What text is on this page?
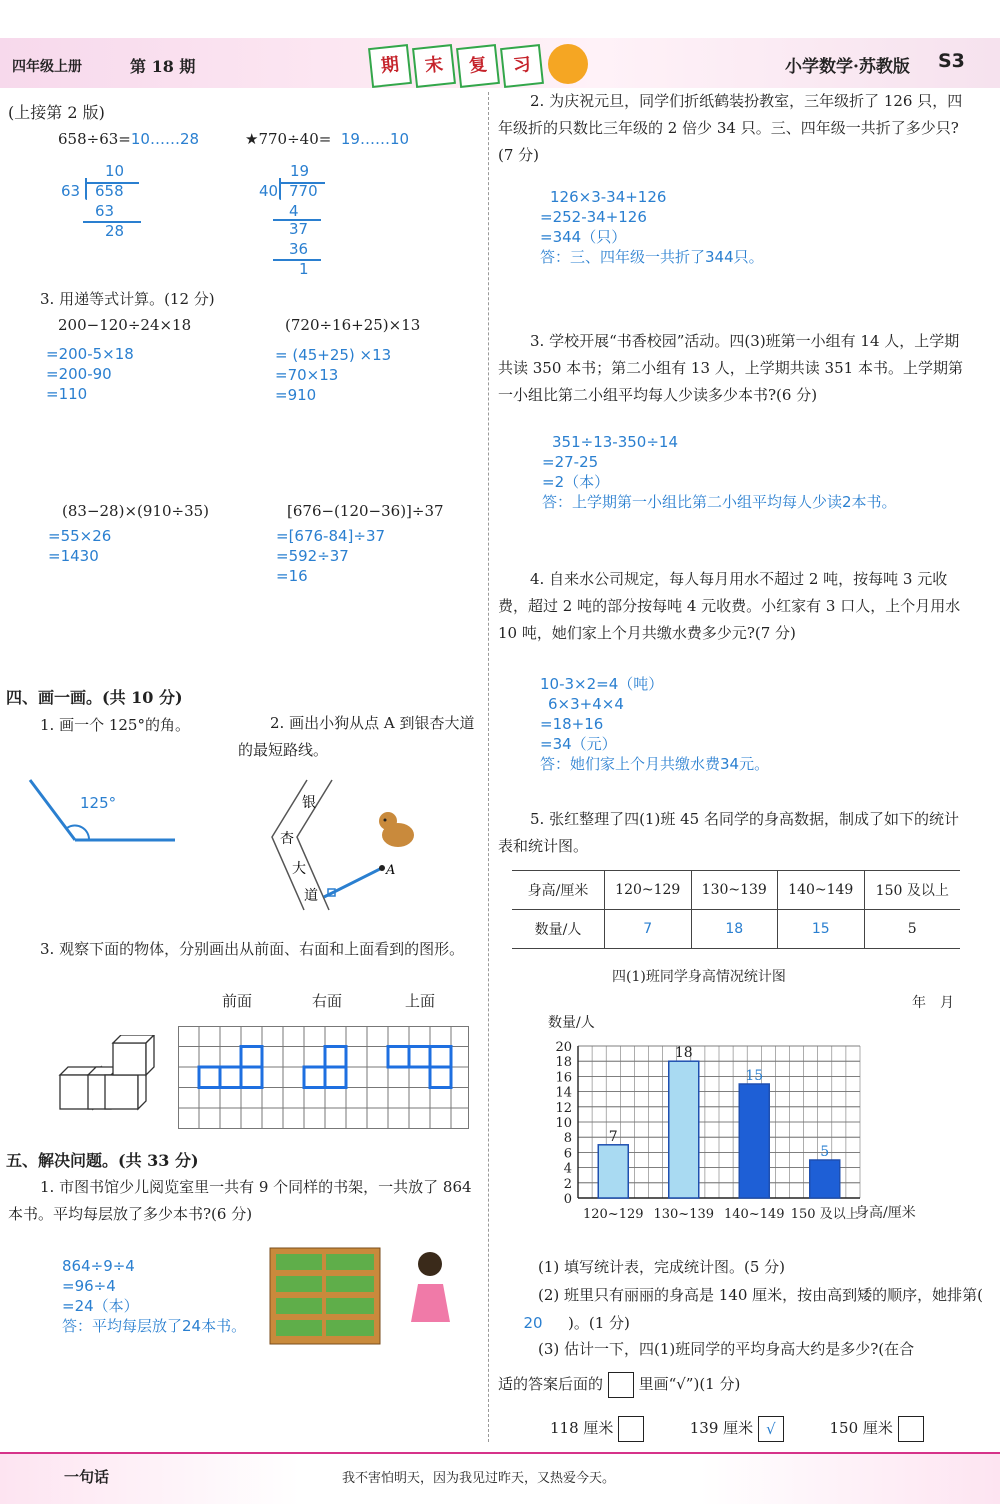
四年级上册	第 18 期	期	末	复	习	小学数学·苏教版 S3
(上接第 2 版)
658÷63=10……28
10
63 658
63
28
★770÷40= 19……10
19
40 770
4
37
36
1
3. 用递等式计算。(12 分)
200−120÷24×18
=200-5×18
=200-90
=110
(720÷16+25)×13
= (45+25) ×13
=70×13
=910
(83−28)×(910÷35)
=55×26
=1430
[676−(120−36)]÷37
=[676-84]÷37
=592÷37
=16
四、画一画。(共 10 分)
1. 画一个 125°的角。	2. 画出小狗从点 A 到银杏大道的最短路线。
125°	银
杏
大
道
A
3. 观察下面的物体，分别画出从前面、右面和上面看到的图形。
前面	右面	上面
五、解决问题。(共 33 分)
1. 市图书馆少儿阅览室里一共有 9 个同样的书架，一共放了 864 本书。平均每层放了多少本书?(6 分)
864÷9÷4
=96÷4
=24（本）
答：平均每层放了24本书。
2. 为庆祝元旦，同学们折纸鹤装扮教室，三年级折了 126 只，四年级折的只数比三年级的 2 倍少 34 只。三、四年级一共折了多少只?(7 分)
126×3-34+126
=252-34+126
=344（只）
答：三、四年级一共折了344只。
3. 学校开展“书香校园”活动。四(3)班第一小组有 14 人，上学期共读 350 本书；第二小组有 13 人，上学期共读 351 本书。上学期第一小组比第二小组平均每人少读多少本书?(6 分)
351÷13-350÷14
=27-25
=2（本）
答：上学期第一小组比第二小组平均每人少读2本书。
4. 自来水公司规定，每人每月用水不超过 2 吨，按每吨 3 元收费，超过 2 吨的部分按每吨 4 元收费。小红家有 3 口人，上个月用水 10 吨，她们家上个月共缴水费多少元?(7 分)
10-3×2=4（吨）
6×3+4×4
=18+16
=34（元）
答：她们家上个月共缴水费34元。
5. 张红整理了四(1)班 45 名同学的身高数据，制成了如下的统计表和统计图。
身高/厘米	120~129	130~139	140~149	150 及以上
数量/人	7	18	15	5
四(1)班同学身高情况统计图
年　月
数量/人
身高/厘米
0
2
4
6
8
10
12
14
16
18
20
7
120~129
18
130~139
15
140~149
5
150 及以上
(1) 填写统计表，完成统计图。(5 分)
(2) 班里只有丽丽的身高是 140 厘米，按由高到矮的顺序，她排第(
20 )。(1 分)
(3) 估计一下，四(1)班同学的平均身高大约是多少?(在合
适的答案后面的 里画“√”)(1 分)
118 厘米	139 厘米 √	150 厘米
一句话	我不害怕明天，因为我见过昨天，又热爱今天。
